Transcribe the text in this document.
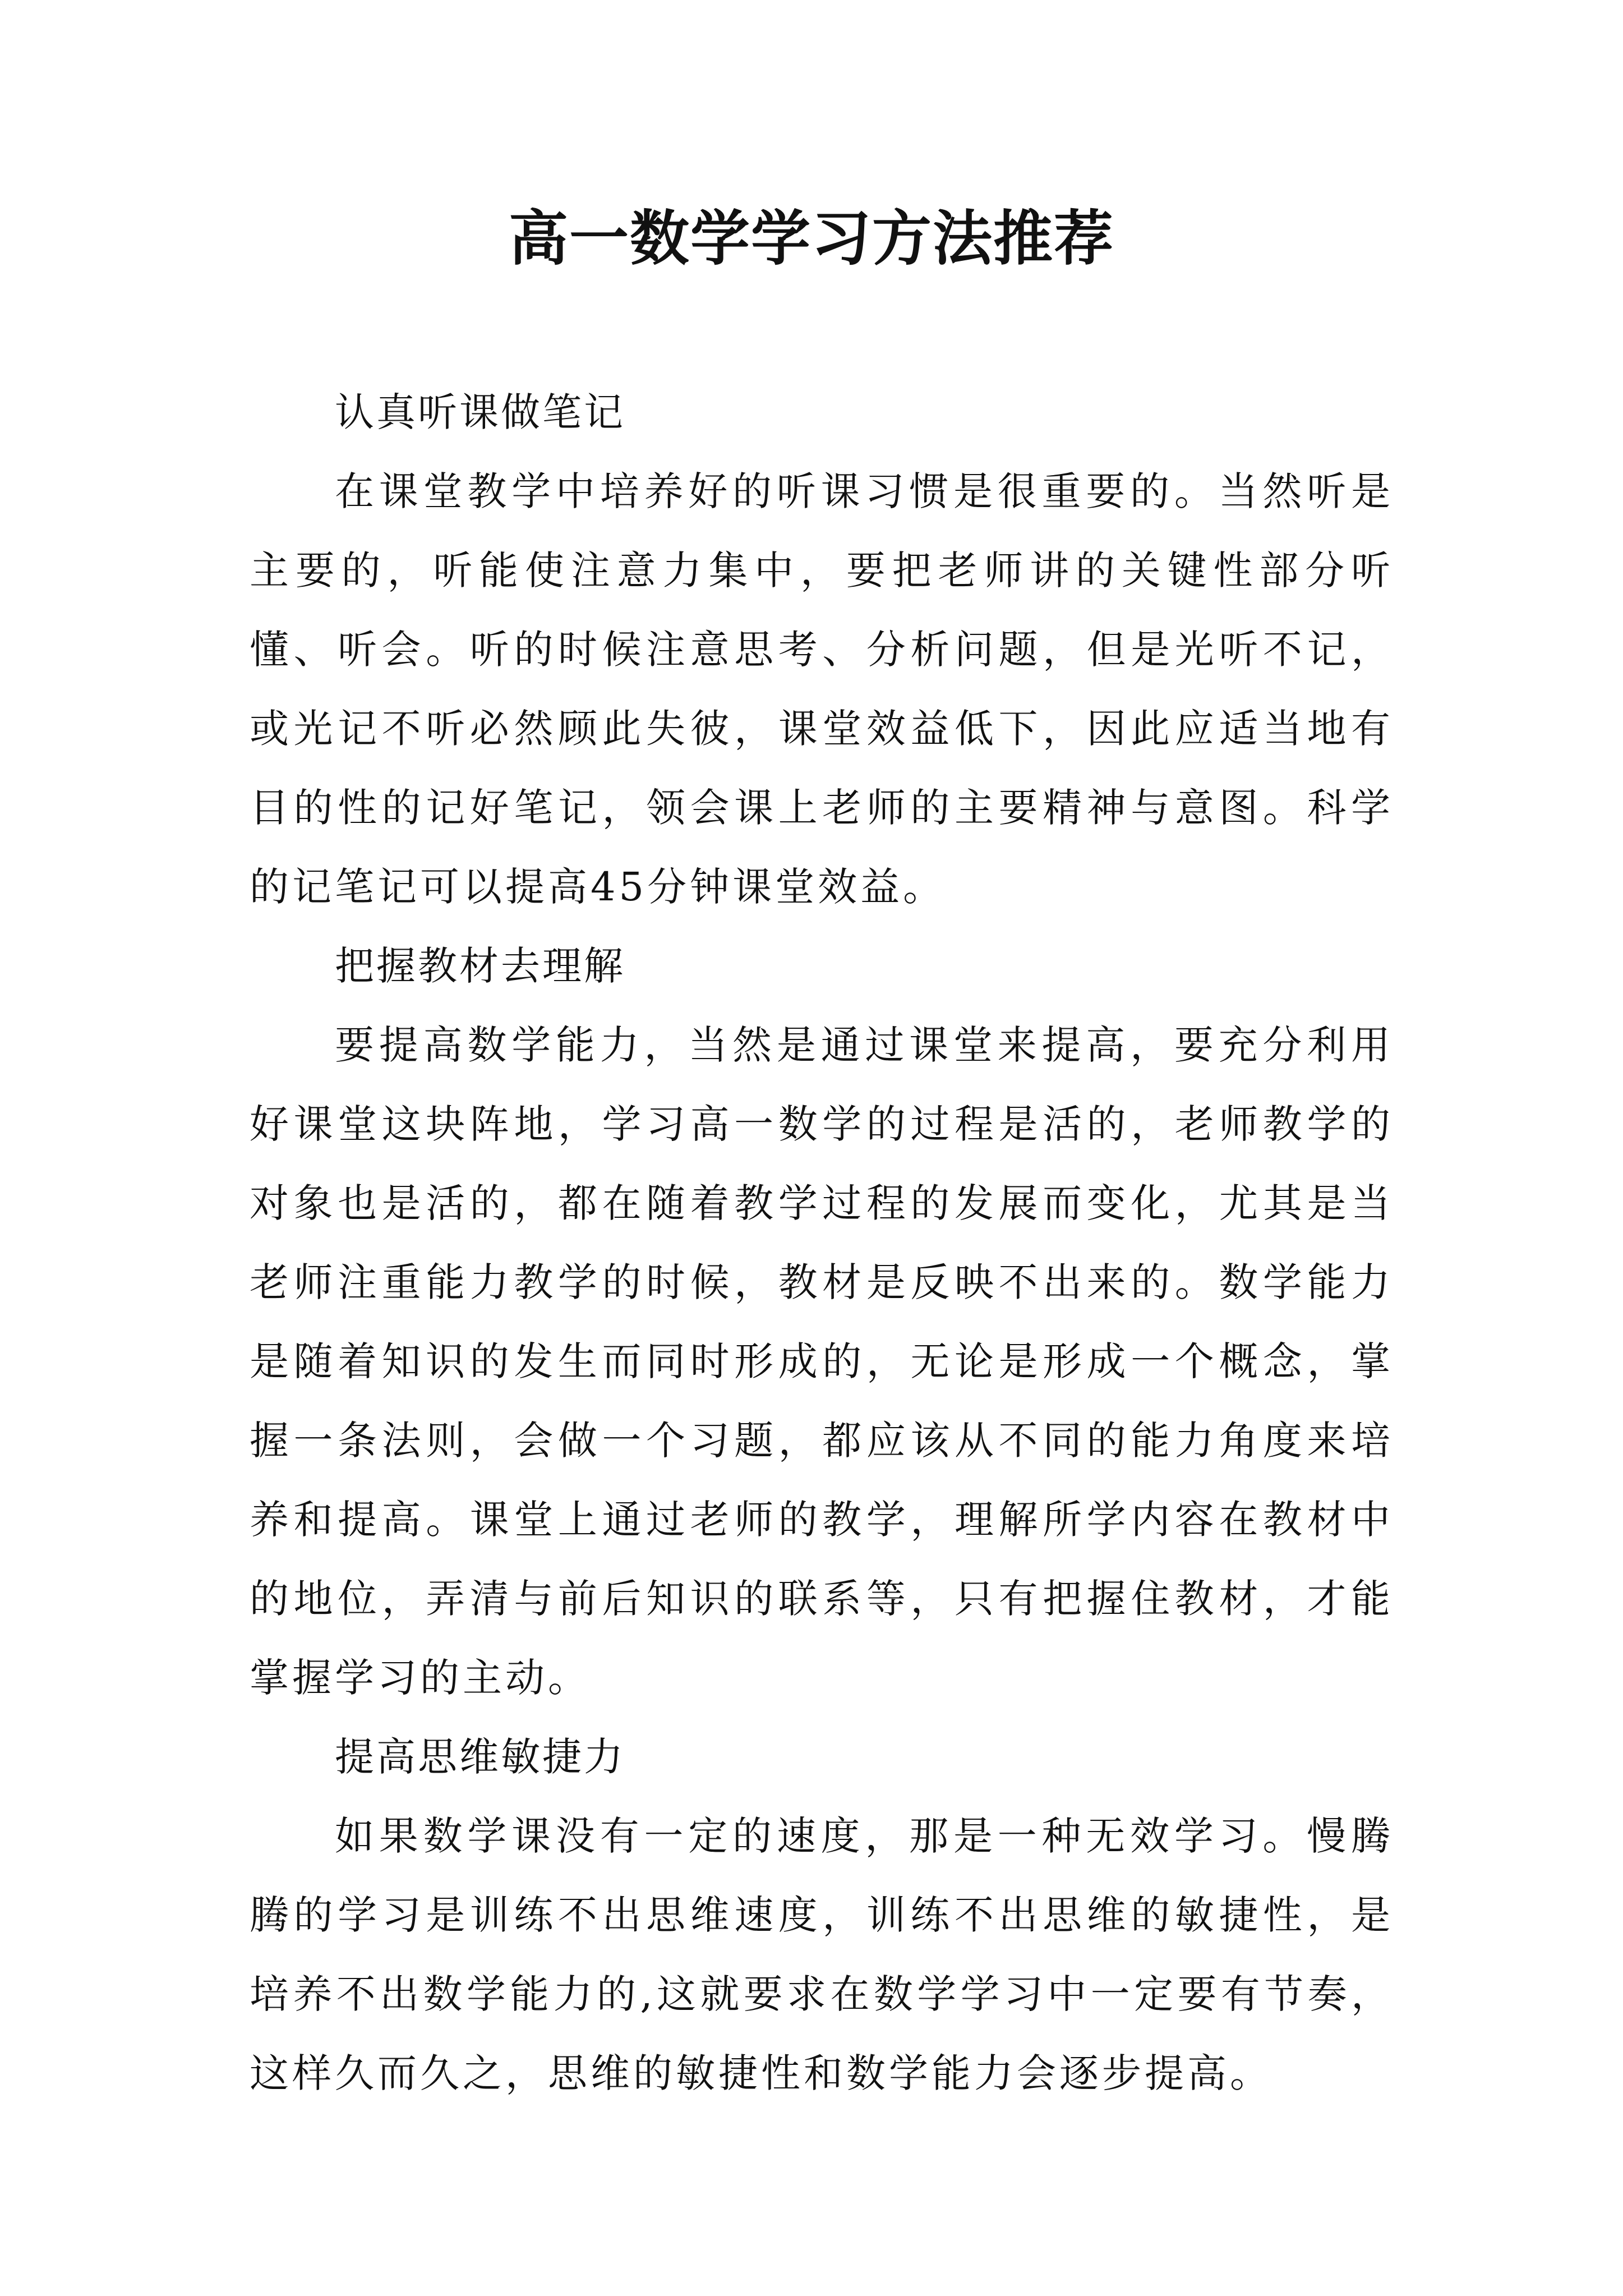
高一数学学习方法推荐

认真听课做笔记

在课堂教学中培养好的听课习惯是很重要的。当然听是主要的，听能使注意力集中，要把老师讲的关键性部分听懂、听会。听的时候注意思考、分析问题，但是光听不记，或光记不听必然顾此失彼，课堂效益低下，因此应适当地有目的性的记好笔记，领会课上老师的主要精神与意图。科学的记笔记可以提高45分钟课堂效益。

把握教材去理解

要提高数学能力，当然是通过课堂来提高，要充分利用好课堂这块阵地，学习高一数学的过程是活的，老师教学的对象也是活的，都在随着教学过程的发展而变化，尤其是当老师注重能力教学的时候，教材是反映不出来的。数学能力是随着知识的发生而同时形成的，无论是形成一个概念，掌握一条法则，会做一个习题，都应该从不同的能力角度来培养和提高。课堂上通过老师的教学，理解所学内容在教材中的地位，弄清与前后知识的联系等，只有把握住教材，才能掌握学习的主动。

提高思维敏捷力

如果数学课没有一定的速度，那是一种无效学习。慢腾腾的学习是训练不出思维速度，训练不出思维的敏捷性，是培养不出数学能力的,这就要求在数学学习中一定要有节奏，这样久而久之，思维的敏捷性和数学能力会逐步提高。
